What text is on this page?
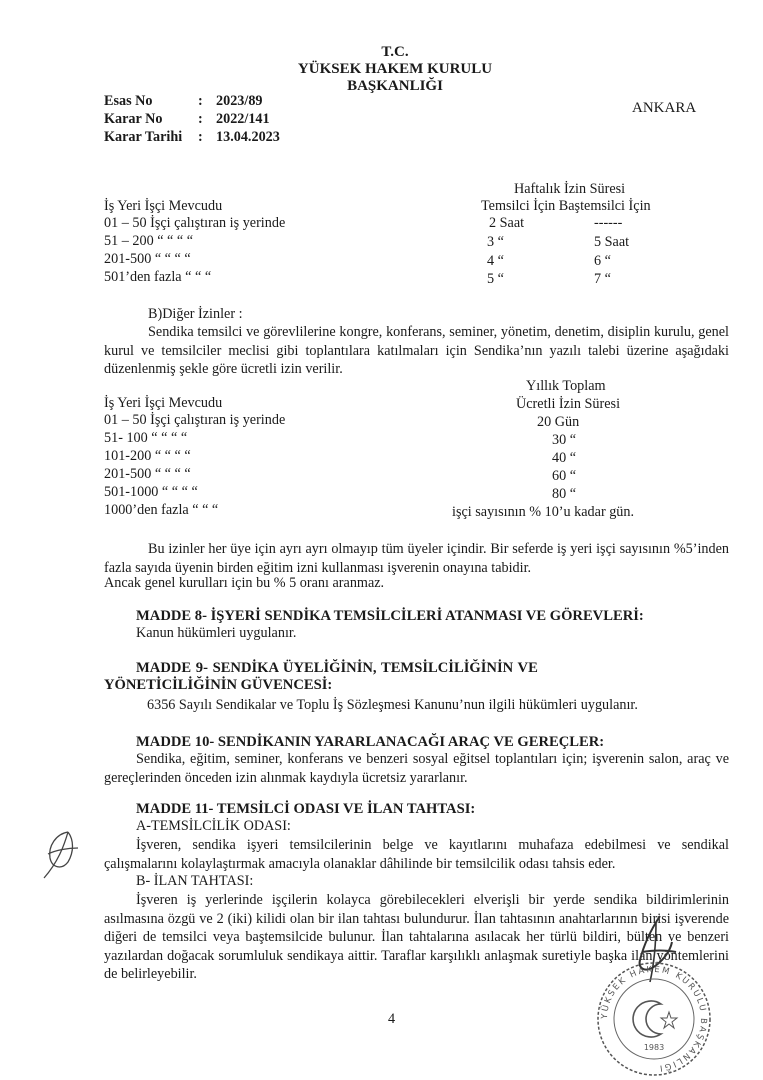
T.C.
YÜKSEK HAKEM KURULU
BAŞKANLIĞI
ANKARA
Esas No	: 2023/89
Karar No	: 2022/141
Karar Tarihi : 13.04.2023
Haftalık İzin Süresi
İş Yeri İşçi Mevcudu	Temsilci İçin Baştemsilci İçin
01 – 50 İşçi çalıştıran iş yerinde	2 Saat	------
51 – 200 “ “ “ “	3 “	5 Saat
201-500 “ “ “ “	4 “	6 “
501’den fazla “ “ “	5 “	7 “
B)Diğer İzinler :
Sendika temsilci ve görevlilerine kongre, konferans, seminer, yönetim, denetim, disiplin kurulu, genel kurul ve temsilciler meclisi gibi toplantılara katılmaları için Sendika’nın yazılı talebi üzerine aşağıdaki düzenlenmiş şekle göre ücretli izin verilir.
Yıllık Toplam
İş Yeri İşçi Mevcudu	Ücretli İzin Süresi
01 – 50 İşçi çalıştıran iş yerinde	20 Gün
51- 100 “ “ “ “	30 “
101-200 “ “ “ “	40 “
201-500 “ “ “ “	60 “
501-1000 “ “ “ “	80 “
1000’den fazla “ “ “	işçi sayısının % 10’u kadar gün.
Bu izinler her üye için ayrı ayrı olmayıp tüm üyeler içindir. Bir seferde iş yeri işçi sayısının %5’inden fazla sayıda üyenin birden eğitim izni kullanması işverenin onayına tabidir.
Ancak genel kurulları için bu % 5 oranı aranmaz.
MADDE 8- İŞYERİ SENDİKA TEMSİLCİLERİ ATANMASI VE GÖREVLERİ:
Kanun hükümleri uygulanır.
MADDE 9- SENDİKA ÜYELİĞİNİN, TEMSİLCİLİĞİNİN VE
YÖNETİCİLİĞİNİN GÜVENCESİ:
6356 Sayılı Sendikalar ve Toplu İş Sözleşmesi Kanunu’nun ilgili hükümleri uygulanır.
MADDE 10- SENDİKANIN YARARLANACAĞI ARAÇ VE GEREÇLER:
Sendika, eğitim, seminer, konferans ve benzeri sosyal eğitsel toplantıları için; işverenin salon, araç ve gereçlerinden önceden izin alınmak kaydıyla ücretsiz yararlanır.
MADDE 11- TEMSİLCİ ODASI VE İLAN TAHTASI:
A-TEMSİLCİLİK ODASI:
İşveren, sendika işyeri temsilcilerinin belge ve kayıtlarını muhafaza edebilmesi ve sendikal çalışmalarını kolaylaştırmak amacıyla olanaklar dâhilinde bir temsilcilik odası tahsis eder.
B- İLAN TAHTASI:
İşveren iş yerlerinde işçilerin kolayca görebilecekleri elverişli bir yerde sendika bildirimlerinin asılmasına özgü ve 2 (iki) kilidi olan bir ilan tahtası bulundurur. İlan tahtasının anahtarlarının birisi işverende diğeri de temsilci veya baştemsilcide bulunur. İlan tahtalarına asılacak her türlü bildiri, bülten ve benzeri yazılardan doğacak sorumluluk sendikaya aittir. Taraflar karşılıklı anlaşmak suretiyle başka ilan yöntemlerini de belirleyebilir.
4	YÜKSEK HAKEM KURULU BAŞKANLIĞI
1983
